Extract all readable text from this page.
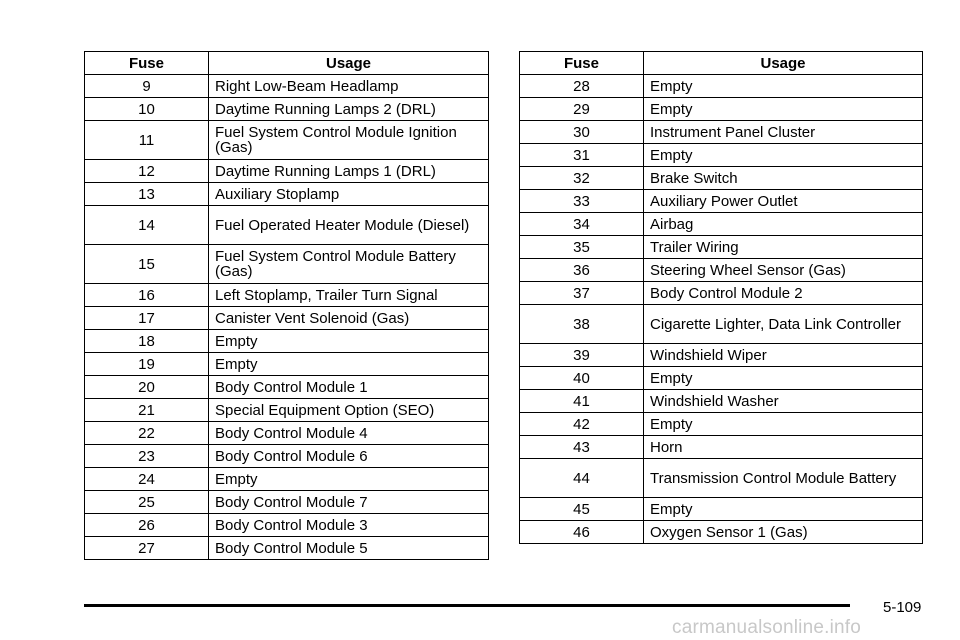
Fuse	Usage
9	Right Low-Beam Headlamp
10	Daytime Running Lamps 2 (DRL)
11	Fuel System Control Module Ignition (Gas)
12	Daytime Running Lamps 1 (DRL)
13	Auxiliary Stoplamp
14	Fuel Operated Heater Module (Diesel)
15	Fuel System Control Module Battery (Gas)
16	Left Stoplamp, Trailer Turn Signal
17	Canister Vent Solenoid (Gas)
18	Empty
19	Empty
20	Body Control Module 1
21	Special Equipment Option (SEO)
22	Body Control Module 4
23	Body Control Module 6
24	Empty
25	Body Control Module 7
26	Body Control Module 3
27	Body Control Module 5
Fuse	Usage
28	Empty
29	Empty
30	Instrument Panel Cluster
31	Empty
32	Brake Switch
33	Auxiliary Power Outlet
34	Airbag
35	Trailer Wiring
36	Steering Wheel Sensor (Gas)
37	Body Control Module 2
38	Cigarette Lighter, Data Link Controller
39	Windshield Wiper
40	Empty
41	Windshield Washer
42	Empty
43	Horn
44	Transmission Control Module Battery
45	Empty
46	Oxygen Sensor 1 (Gas)
5-109
carmanualsonline.info
